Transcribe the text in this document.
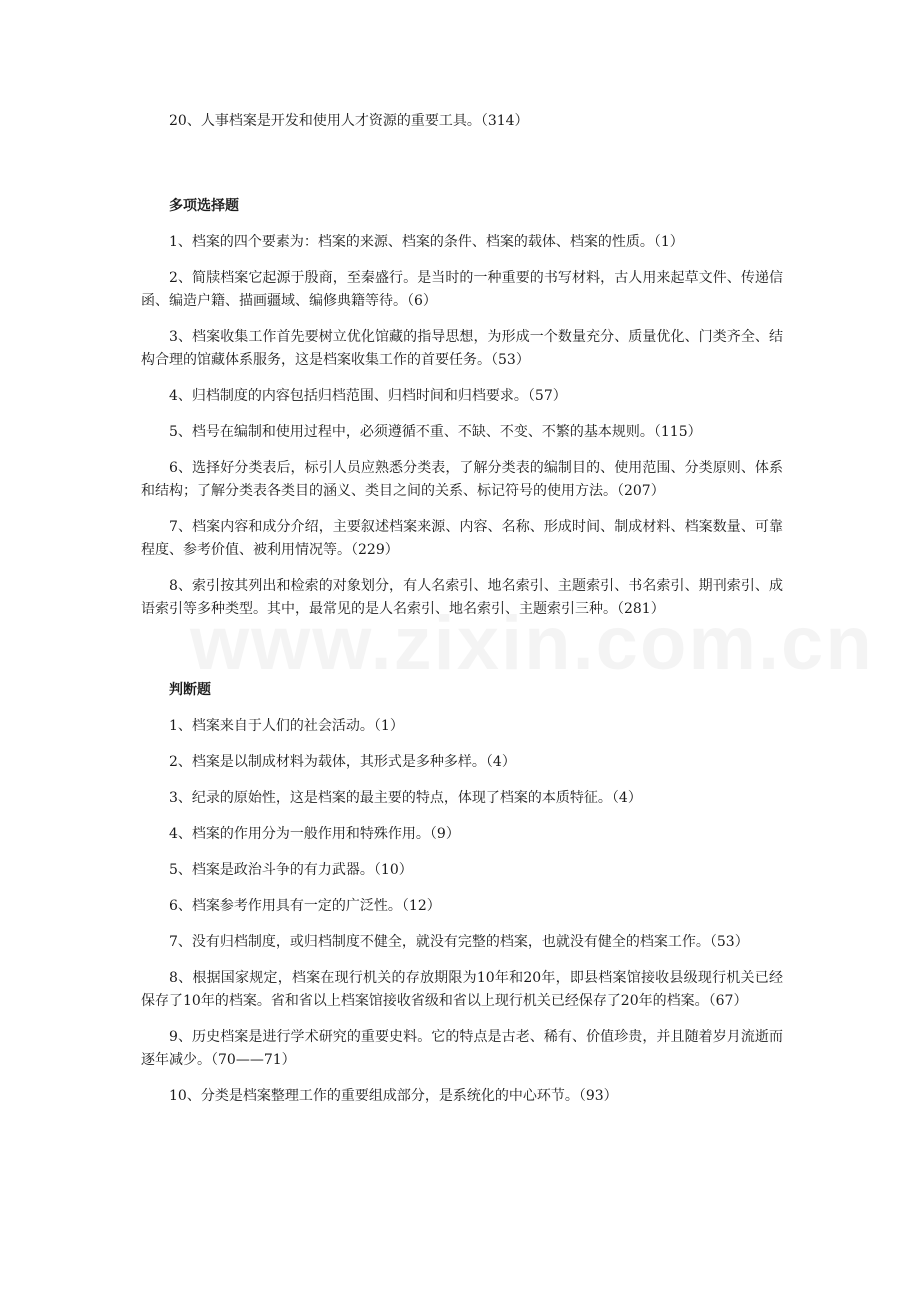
20、人事档案是开发和使用人才资源的重要工具。（314）

多项选择题

1、档案的四个要素为：档案的来源、档案的条件、档案的载体、档案的性质。（1）

2、简牍档案它起源于殷商，至秦盛行。是当时的一种重要的书写材料，古人用来起草文件、传递信函、编造户籍、描画疆域、编修典籍等待。（6）

3、档案收集工作首先要树立优化馆藏的指导思想，为形成一个数量充分、质量优化、门类齐全、结构合理的馆藏体系服务，这是档案收集工作的首要任务。（53）

4、归档制度的内容包括归档范围、归档时间和归档要求。（57）

5、档号在编制和使用过程中，必须遵循不重、不缺、不变、不繁的基本规则。（115）

6、选择好分类表后，标引人员应熟悉分类表，了解分类表的编制目的、使用范围、分类原则、体系和结构；了解分类表各类目的涵义、类目之间的关系、标记符号的使用方法。（207）

7、档案内容和成分介绍，主要叙述档案来源、内容、名称、形成时间、制成材料、档案数量、可靠程度、参考价值、被利用情况等。（229）

8、索引按其列出和检索的对象划分，有人名索引、地名索引、主题索引、书名索引、期刊索引、成语索引等多种类型。其中，最常见的是人名索引、地名索引、主题索引三种。（281）

判断题

1、档案来自于人们的社会活动。（1）

2、档案是以制成材料为载体，其形式是多种多样。（4）

3、纪录的原始性，这是档案的最主要的特点，体现了档案的本质特征。（4）

4、档案的作用分为一般作用和特殊作用。（9）

5、档案是政治斗争的有力武器。（10）

6、档案参考作用具有一定的广泛性。（12）

7、没有归档制度，或归档制度不健全，就没有完整的档案，也就没有健全的档案工作。（53）

8、根据国家规定，档案在现行机关的存放期限为10年和20年，即县档案馆接收县级现行机关已经保存了10年的档案。省和省以上档案馆接收省级和省以上现行机关已经保存了20年的档案。（67）

9、历史档案是进行学术研究的重要史料。它的特点是古老、稀有、价值珍贵，并且随着岁月流逝而逐年减少。（70——71）

10、分类是档案整理工作的重要组成部分，是系统化的中心环节。（93）
